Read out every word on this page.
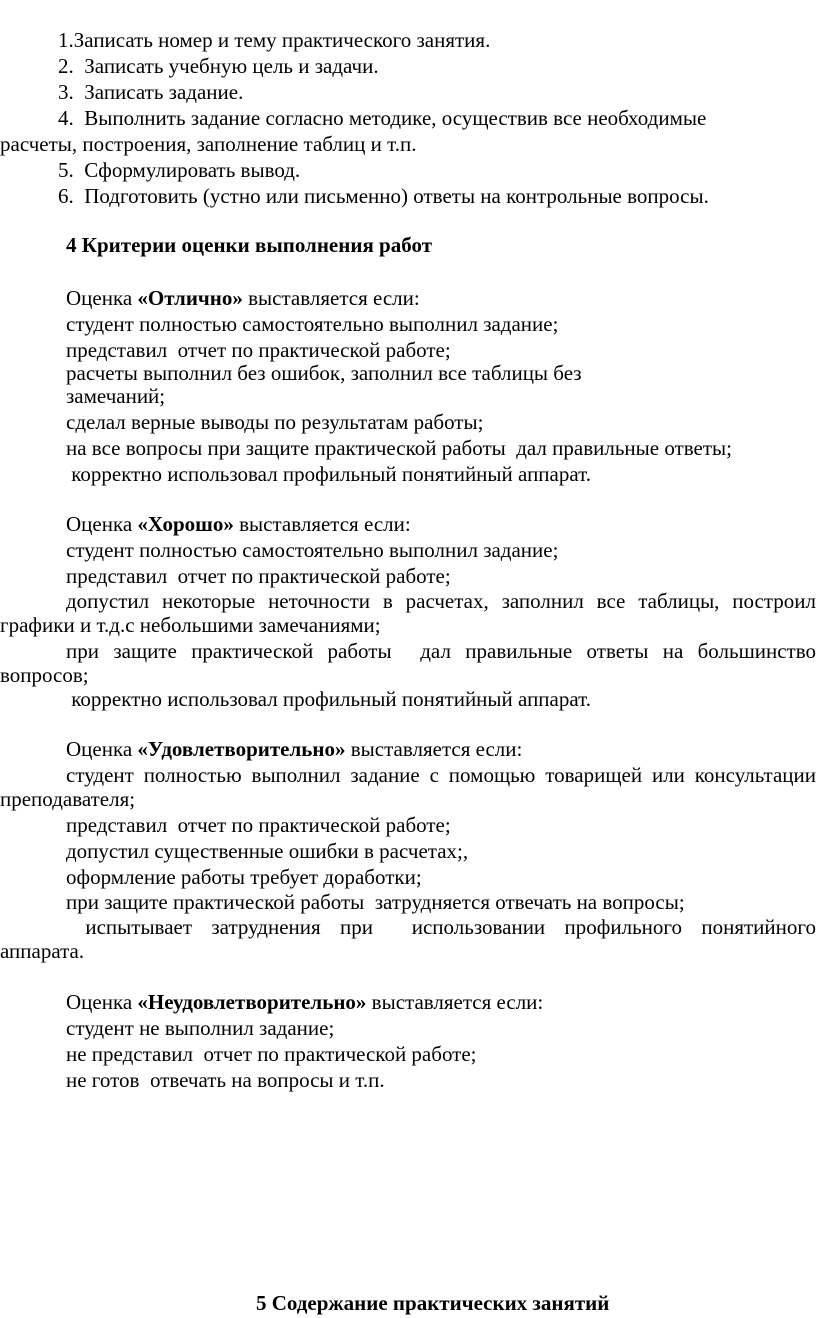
1.Записать номер и тему практического занятия.
2.  Записать учебную цель и задачи.
3.  Записать задание.
4.  Выполнить задание согласно методике, осуществив все необходимые
расчеты, построения, заполнение таблиц и т.п.
5.  Сформулировать вывод.
6.  Подготовить (устно или письменно) ответы на контрольные вопросы.
4 Критерии оценки выполнения работ
Оценка «Отлично» выставляется если:
студент полностью самостоятельно выполнил задание;
представил  отчет по практической работе;
расчеты выполнил без ошибок, заполнил все таблицы без
замечаний;
сделал верные выводы по результатам работы;
на все вопросы при защите практической работы  дал правильные ответы;
корректно использовал профильный понятийный аппарат.
Оценка «Хорошо» выставляется если:
студент полностью самостоятельно выполнил задание;
представил  отчет по практической работе;
допустил некоторые неточности в расчетах, заполнил все таблицы, построил
графики и т.д.с небольшими замечаниями;
при защите практической работы  дал правильные ответы на большинство
вопросов;
корректно использовал профильный понятийный аппарат.
Оценка «Удовлетворительно» выставляется если:
студент полностью выполнил задание с помощью товарищей или консультации
преподавателя;
представил  отчет по практической работе;
допустил существенные ошибки в расчетах;,
оформление работы требует доработки;
при защите практической работы  затрудняется отвечать на вопросы;
испытывает затруднения при  использовании профильного понятийного
аппарата.
Оценка «Неудовлетворительно» выставляется если:
студент не выполнил задание;
не представил  отчет по практической работе;
не готов  отвечать на вопросы и т.п.
5 Содержание практических занятий
